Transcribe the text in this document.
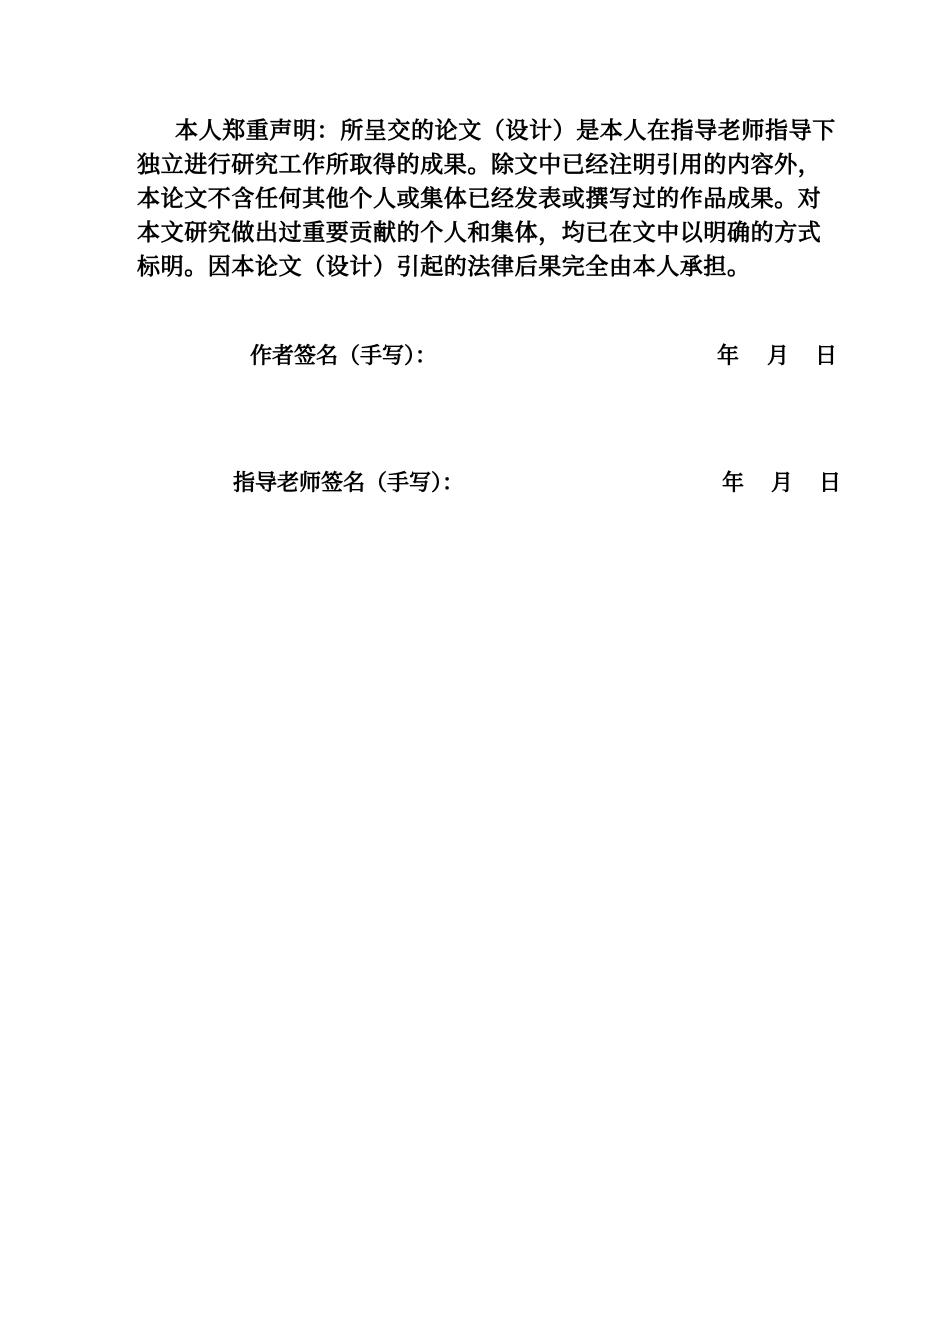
本人郑重声明：所呈交的论文（设计）是本人在指导老师指导下
独立进行研究工作所取得的成果。除文中已经注明引用的内容外，
本论文不含任何其他个人或集体已经发表或撰写过的作品成果。对
本文研究做出过重要贡献的个人和集体，均已在文中以明确的方式
标明。因本论文（设计）引起的法律后果完全由本人承担。
作者签名（手写）：	年 月 日
指导老师签名（手写）：	年 月 日
